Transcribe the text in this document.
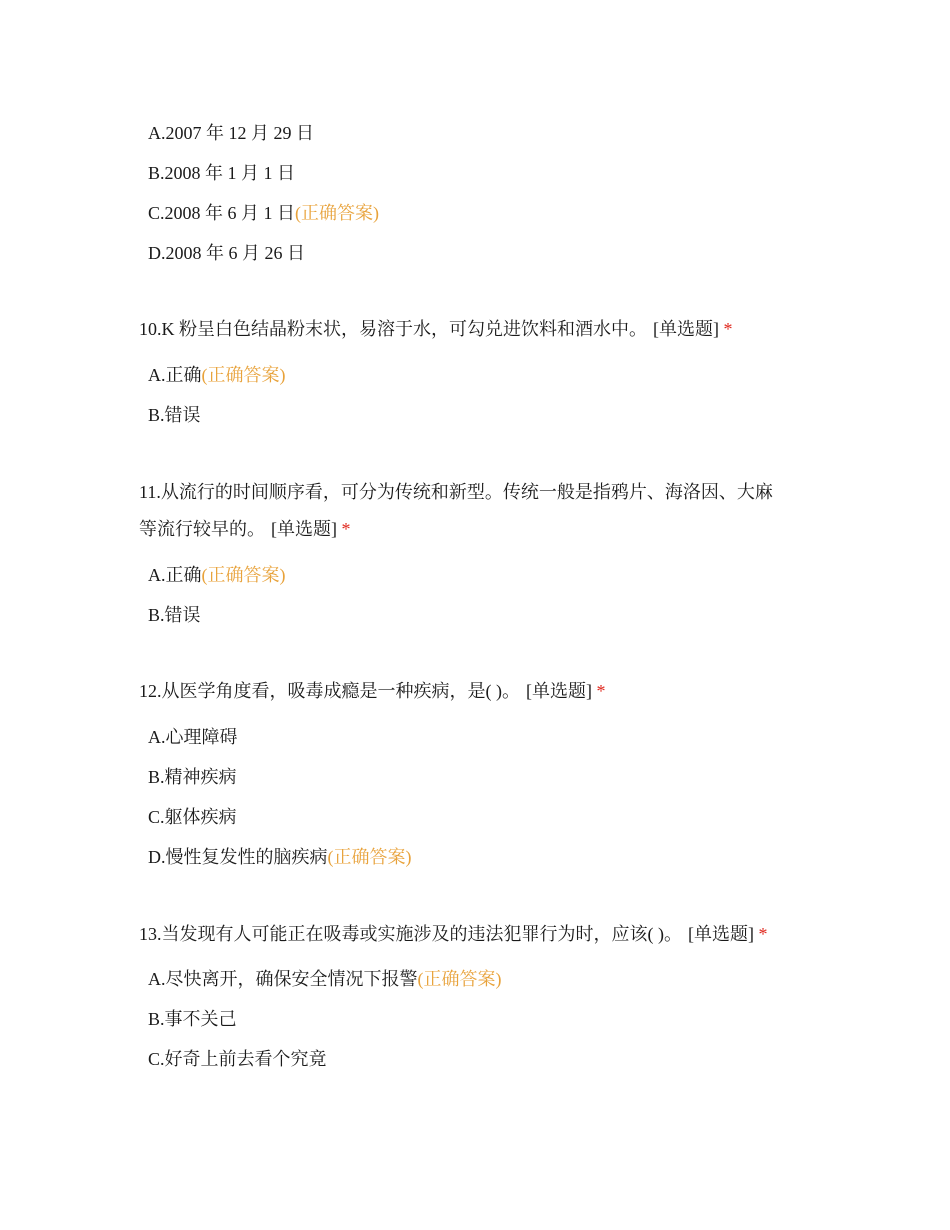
A.2007 年 12 月 29 日
B.2008 年 1 月 1 日
C.2008 年 6 月 1 日(正确答案)
D.2008 年 6 月 26 日
10.K 粉呈白色结晶粉末状，易溶于水，可勾兑进饮料和酒水中。 [单选题] *
A.正确(正确答案)
B.错误
11.从流行的时间顺序看，可分为传统和新型。传统一般是指鸦片、海洛因、大麻
等流行较早的。 [单选题] *
A.正确(正确答案)
B.错误
12.从医学角度看，吸毒成瘾是一种疾病，是( )。 [单选题] *
A.心理障碍
B.精神疾病
C.躯体疾病
D.慢性复发性的脑疾病(正确答案)
13.当发现有人可能正在吸毒或实施涉及的违法犯罪行为时，应该( )。 [单选题] *
A.尽快离开，确保安全情况下报警(正确答案)
B.事不关己
C.好奇上前去看个究竟
